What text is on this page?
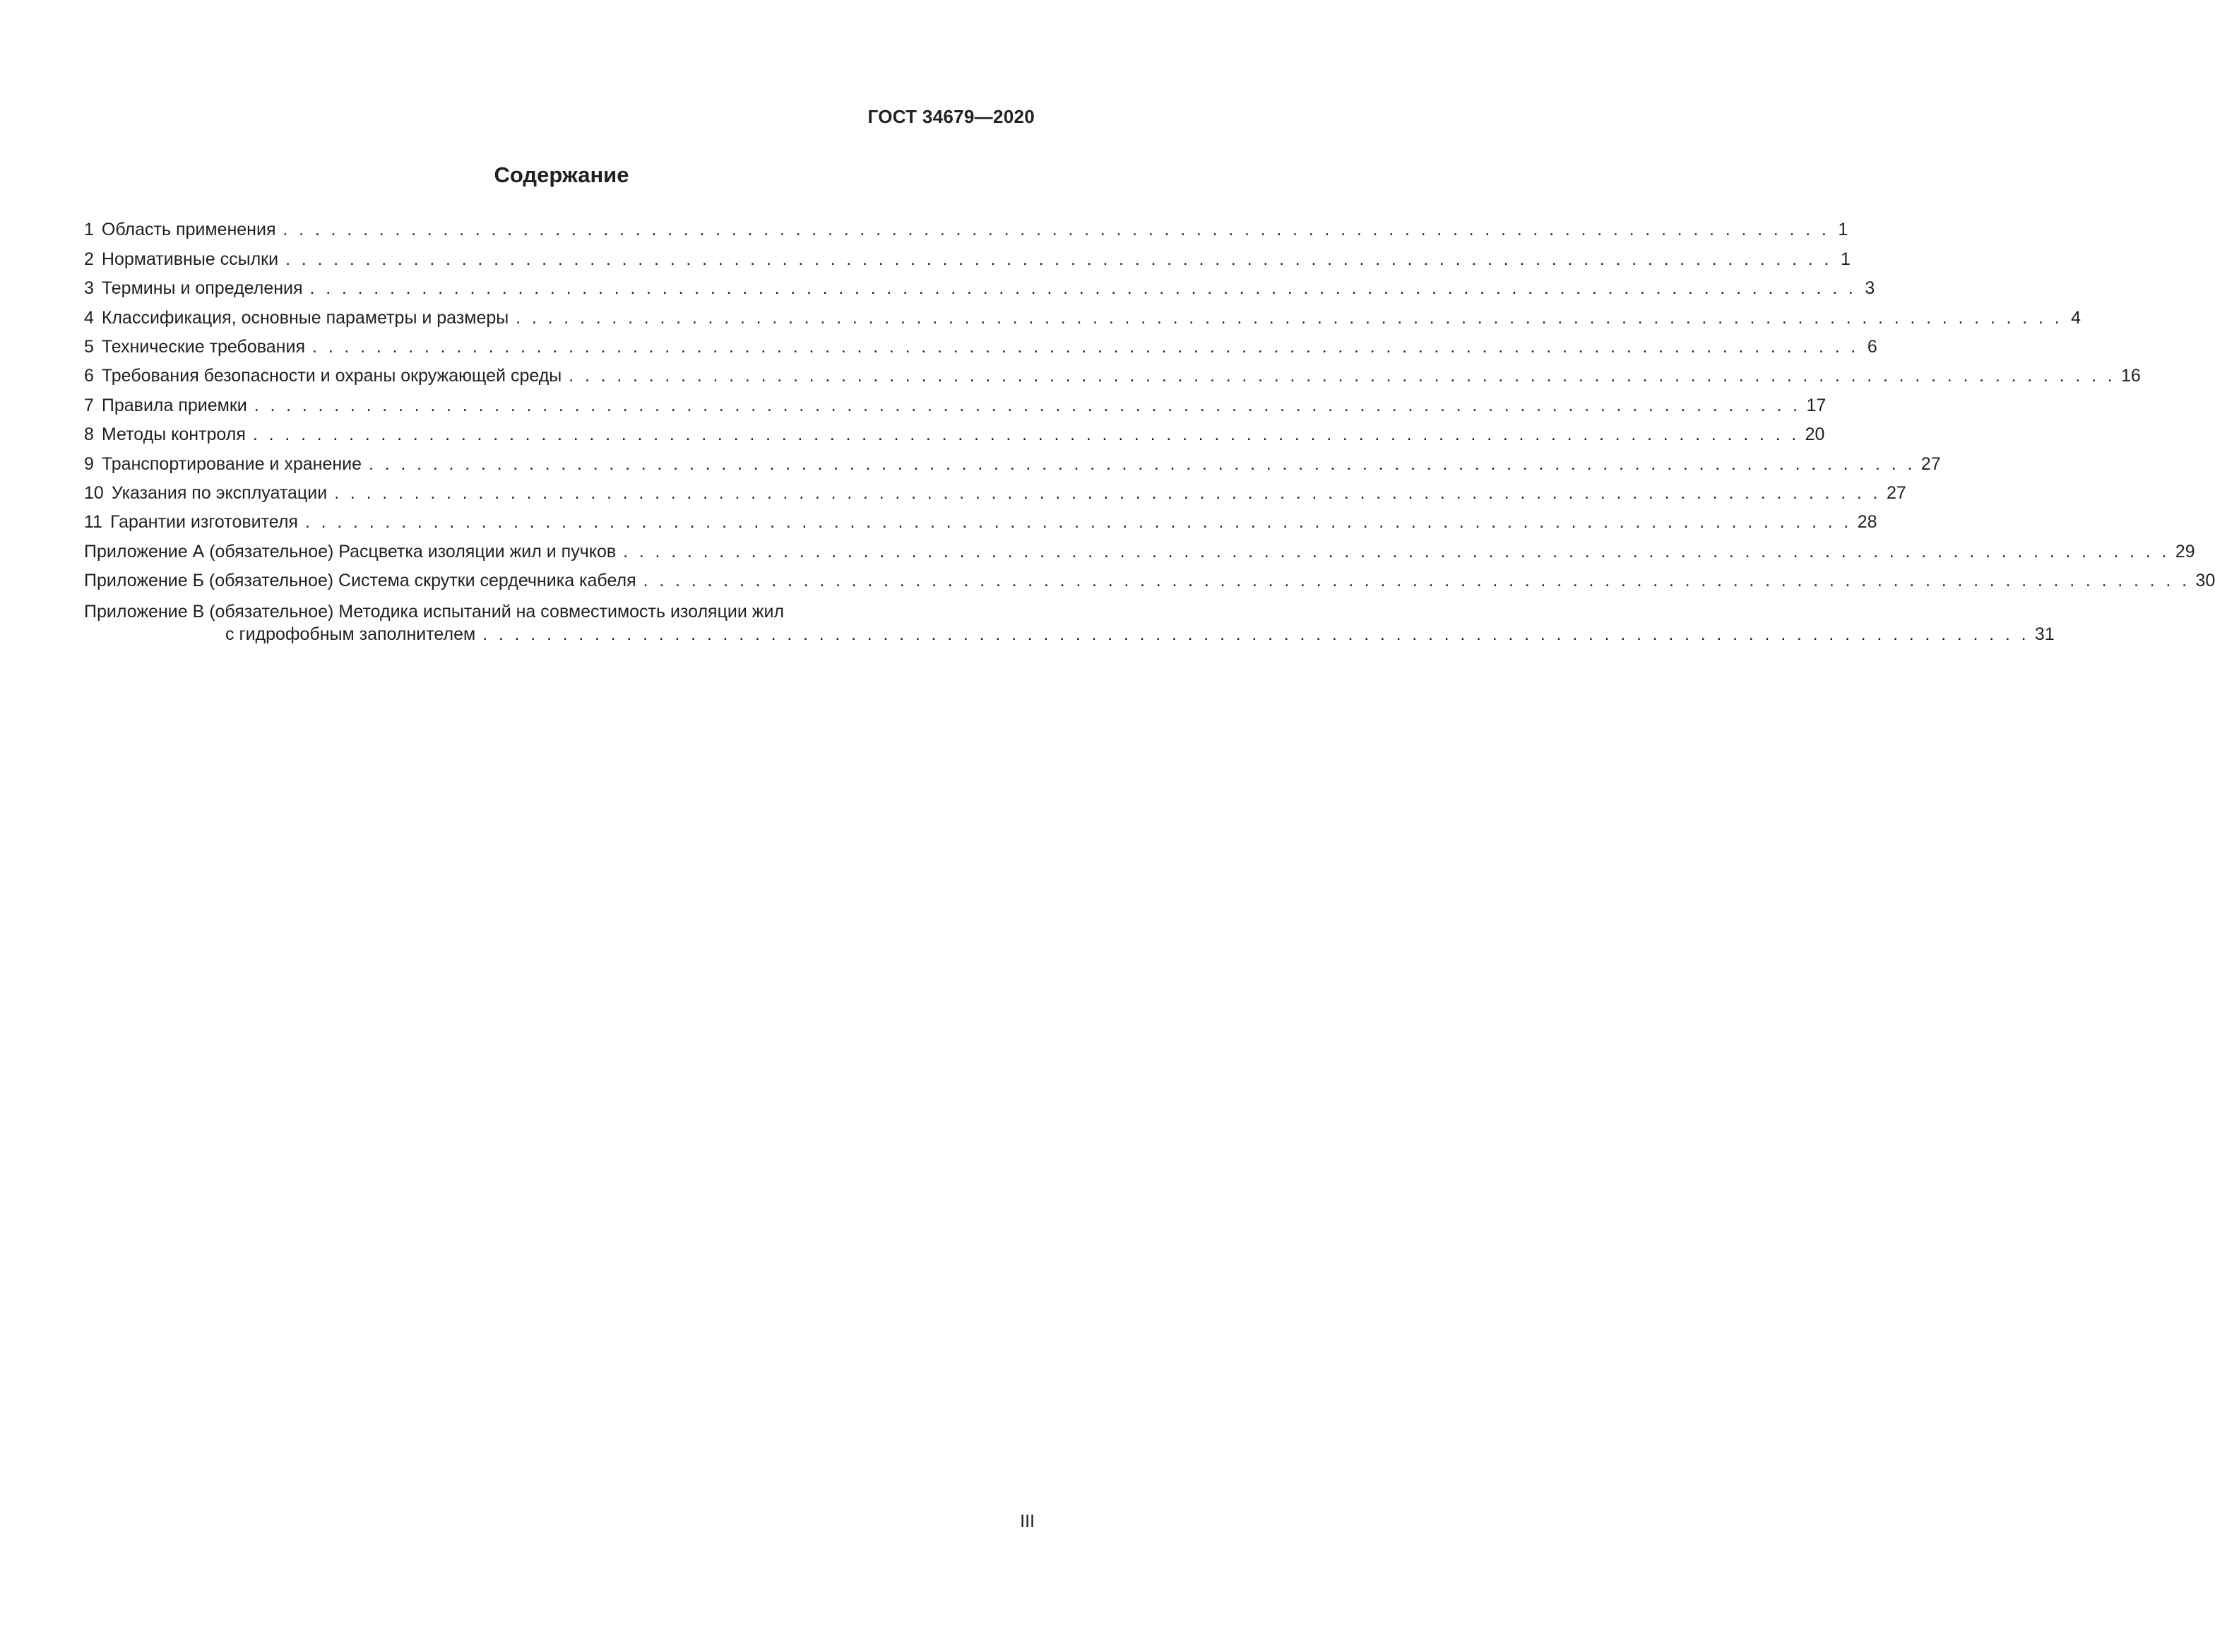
ГОСТ 34679—2020
Содержание
1 Область применения . . . . . . . . . . . . . . . . . . . . . . . . . . . . . . . . . . . . . . . . . . . . . . . . . . . . . . . . . . . . . . . . . . . . . . . . . . . . . . . . . . . . . . . . . . . . . . . . . 1
2 Нормативные ссылки . . . . . . . . . . . . . . . . . . . . . . . . . . . . . . . . . . . . . . . . . . . . . . . . . . . . . . . . . . . . . . . . . . . . . . . . . . . . . . . . . . . . . . . . . . . . . . . . . 1
3 Термины и определения . . . . . . . . . . . . . . . . . . . . . . . . . . . . . . . . . . . . . . . . . . . . . . . . . . . . . . . . . . . . . . . . . . . . . . . . . . . . . . . . . . . . . . . . . . . . . . . . . 3
4 Классификация, основные параметры и размеры . . . . . . . . . . . . . . . . . . . . . . . . . . . . . . . . . . . . . . . . . . . . . . . . . . . . . . . . . . . . . . . . . . . . . . . . . . . . . . . . . . . . . . . . . . . . . . . . . 4
5 Технические требования . . . . . . . . . . . . . . . . . . . . . . . . . . . . . . . . . . . . . . . . . . . . . . . . . . . . . . . . . . . . . . . . . . . . . . . . . . . . . . . . . . . . . . . . . . . . . . . . . 6
6 Требования безопасности и охраны окружающей среды . . . . . . . . . . . . . . . . . . . . . . . . . . . . . . . . . . . . . . . . . . . . . . . . . . . . . . . . . . . . . . . . . . . . . . . . . . . . . . . . . . . . . . . . . . . . . . . . . 16
7 Правила приемки . . . . . . . . . . . . . . . . . . . . . . . . . . . . . . . . . . . . . . . . . . . . . . . . . . . . . . . . . . . . . . . . . . . . . . . . . . . . . . . . . . . . . . . . . . . . . . . . . 17
8 Методы контроля . . . . . . . . . . . . . . . . . . . . . . . . . . . . . . . . . . . . . . . . . . . . . . . . . . . . . . . . . . . . . . . . . . . . . . . . . . . . . . . . . . . . . . . . . . . . . . . . . 20
9 Транспортирование и хранение . . . . . . . . . . . . . . . . . . . . . . . . . . . . . . . . . . . . . . . . . . . . . . . . . . . . . . . . . . . . . . . . . . . . . . . . . . . . . . . . . . . . . . . . . . . . . . . . . 27
10 Указания по эксплуатации . . . . . . . . . . . . . . . . . . . . . . . . . . . . . . . . . . . . . . . . . . . . . . . . . . . . . . . . . . . . . . . . . . . . . . . . . . . . . . . . . . . . . . . . . . . . . . . . . 27
11 Гарантии изготовителя . . . . . . . . . . . . . . . . . . . . . . . . . . . . . . . . . . . . . . . . . . . . . . . . . . . . . . . . . . . . . . . . . . . . . . . . . . . . . . . . . . . . . . . . . . . . . . . . . 28
Приложение А (обязательное) Расцветка изоляции жил и пучков . . . . . . . . . . . . . . . . . . . . . . . . . . . . . . . . . . . . . . . . . . . . . . . . . . . . . . . . . . . . . . . . . . . . . . . . . . . . . . . . . . . . . . . . . . . . . . . . . 29
Приложение Б (обязательное) Система скрутки сердечника кабеля . . . . . . . . . . . . . . . . . . . . . . . . . . . . . . . . . . . . . . . . . . . . . . . . . . . . . . . . . . . . . . . . . . . . . . . . . . . . . . . . . . . . . . . . . . . . . . . . . 30
Приложение В (обязательное) Методика испытаний на совместимость изоляции жил
с гидрофобным заполнителем . . . . . . . . . . . . . . . . . . . . . . . . . . . . . . . . . . . . . . . . . . . . . . . . . . . . . . . . . . . . . . . . . . . . . . . . . . . . . . . . . . . . . . . . . . . . . . . . . 31
III
